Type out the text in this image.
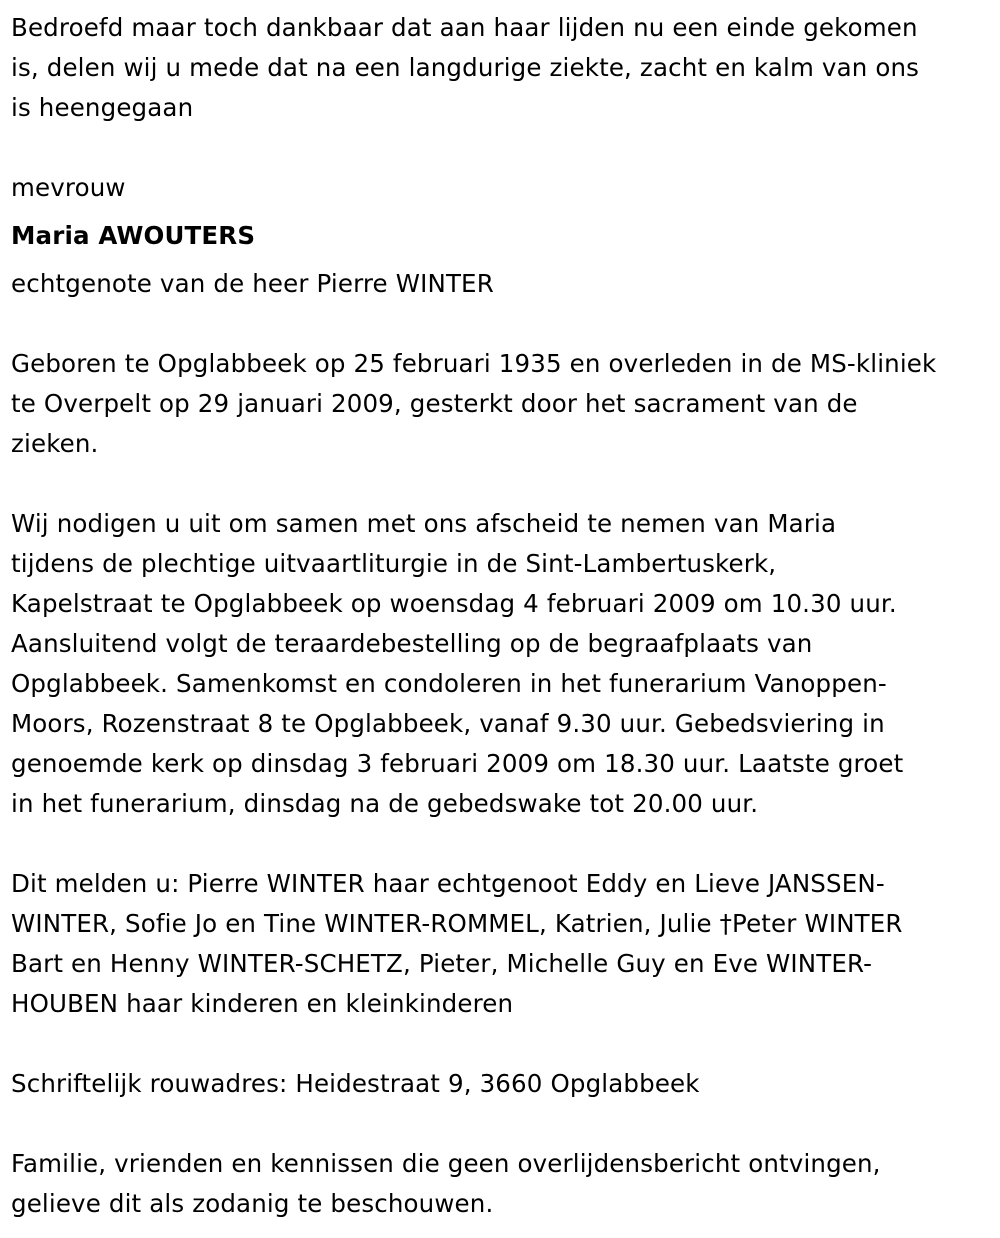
Bedroefd maar toch dankbaar dat aan haar lijden nu een einde gekomen
is, delen wij u mede dat na een langdurige ziekte, zacht en kalm van ons
is heengegaan

mevrouw

Maria AWOUTERS

echtgenote van de heer Pierre WINTER

Geboren te Opglabbeek op 25 februari 1935 en overleden in de MS-kliniek
te Overpelt op 29 januari 2009, gesterkt door het sacrament van de
zieken.

Wij nodigen u uit om samen met ons afscheid te nemen van Maria
tijdens de plechtige uitvaartliturgie in de Sint-Lambertuskerk,
Kapelstraat te Opglabbeek op woensdag 4 februari 2009 om 10.30 uur.
Aansluitend volgt de teraardebestelling op de begraafplaats van
Opglabbeek. Samenkomst en condoleren in het funerarium Vanoppen-
Moors, Rozenstraat 8 te Opglabbeek, vanaf 9.30 uur. Gebedsviering in
genoemde kerk op dinsdag 3 februari 2009 om 18.30 uur. Laatste groet
in het funerarium, dinsdag na de gebedswake tot 20.00 uur.

Dit melden u: Pierre WINTER haar echtgenoot Eddy en Lieve JANSSEN-
WINTER, Sofie Jo en Tine WINTER-ROMMEL, Katrien, Julie †Peter WINTER
Bart en Henny WINTER-SCHETZ, Pieter, Michelle Guy en Eve WINTER-
HOUBEN haar kinderen en kleinkinderen

Schriftelijk rouwadres: Heidestraat 9, 3660 Opglabbeek

Familie, vrienden en kennissen die geen overlijdensbericht ontvingen,
gelieve dit als zodanig te beschouwen.
